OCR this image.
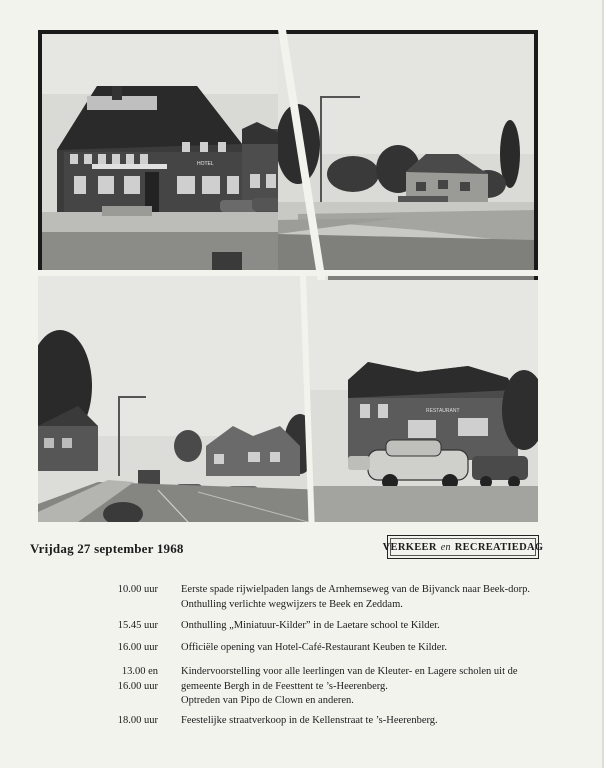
HOTEL
RESTAURANT
Vrijdag 27 september 1968	VERKEER en RECREATIEDAG
10.00 uur Eerste spade rijwielpaden langs de Arnhemseweg van de Bijvanck naar Beek-dorp.
Onthulling verlichte wegwijzers te Beek en Zeddam.
15.45 uur Onthulling „Miniatuur-Kilder” in de Laetare school te Kilder.
16.00 uur Officiële opening van Hotel-Café-Restaurant Keuben te Kilder.
13.00 en
16.00 uur
Kindervoorstelling voor alle leerlingen van de Kleuter- en Lagere scholen uit de
gemeente Bergh in de Feesttent te ’s-Heerenberg.
Optreden van Pipo de Clown en anderen.
18.00 uur Feestelijke straatverkoop in de Kellenstraat te ’s-Heerenberg.
